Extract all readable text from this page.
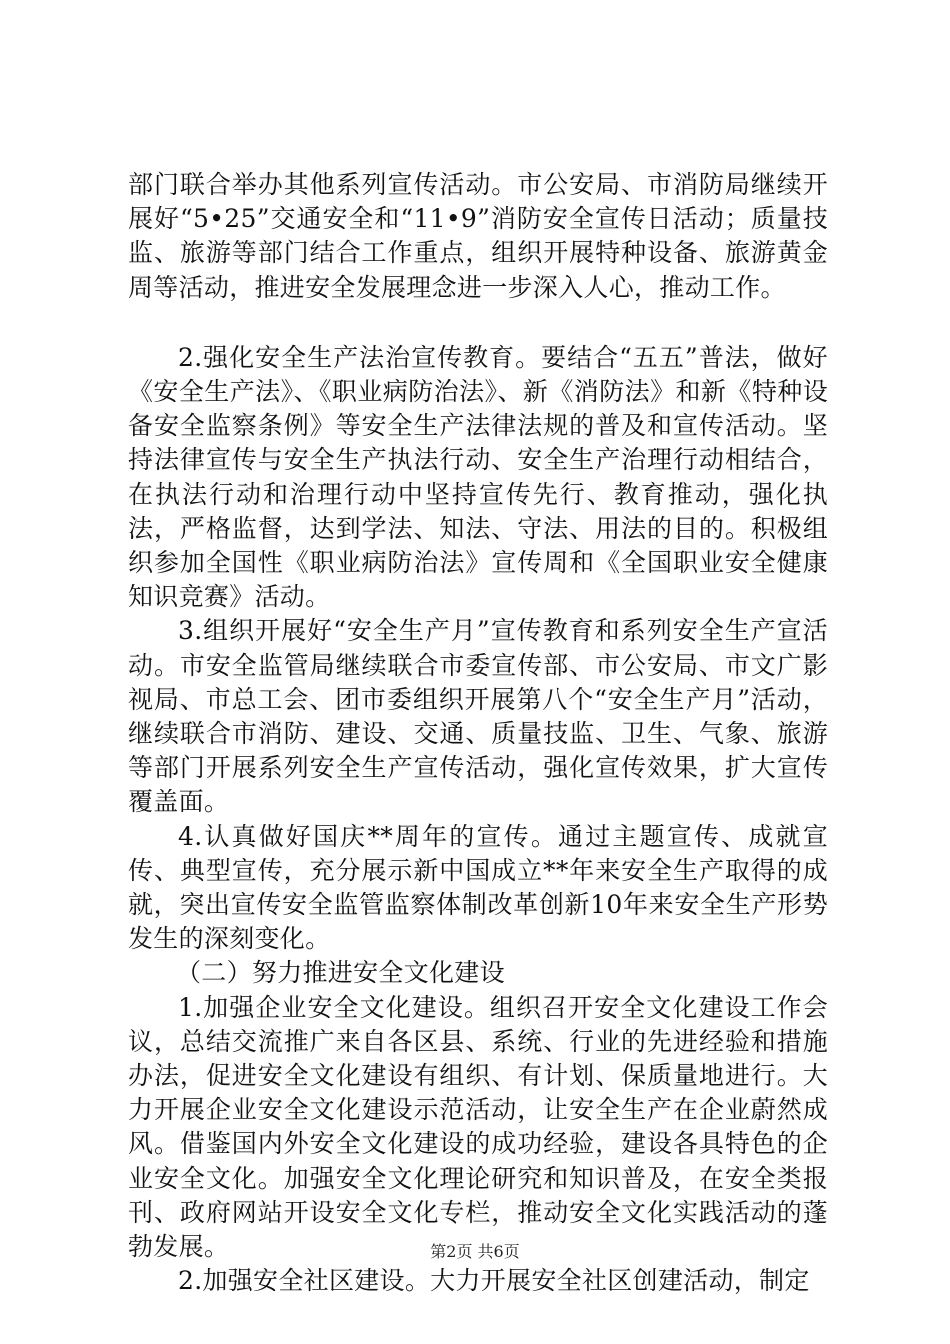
部门联合举办其他系列宣传活动。市公安局、市消防局继续开展好“5•25”交通安全和“11•9”消防安全宣传日活动；质量技监、旅游等部门结合工作重点，组织开展特种设备、旅游黄金周等活动，推进安全发展理念进一步深入人心，推动工作。

2.强化安全生产法治宣传教育。要结合“五五”普法，做好《安全生产法》、《职业病防治法》、新《消防法》和新《特种设备安全监察条例》等安全生产法律法规的普及和宣传活动。坚持法律宣传与安全生产执法行动、安全生产治理行动相结合，在执法行动和治理行动中坚持宣传先行、教育推动，强化执法，严格监督，达到学法、知法、守法、用法的目的。积极组织参加全国性《职业病防治法》宣传周和《全国职业安全健康知识竞赛》活动。

3.组织开展好“安全生产月”宣传教育和系列安全生产宣活动。市安全监管局继续联合市委宣传部、市公安局、市文广影视局、市总工会、团市委组织开展第八个“安全生产月”活动，继续联合市消防、建设、交通、质量技监、卫生、气象、旅游等部门开展系列安全生产宣传活动，强化宣传效果，扩大宣传覆盖面。

4.认真做好国庆**周年的宣传。通过主题宣传、成就宣传、典型宣传，充分展示新中国成立**年来安全生产取得的成就，突出宣传安全监管监察体制改革创新10年来安全生产形势发生的深刻变化。

（二）努力推进安全文化建设

1.加强企业安全文化建设。组织召开安全文化建设工作会议，总结交流推广来自各区县、系统、行业的先进经验和措施办法，促进安全文化建设有组织、有计划、保质量地进行。大力开展企业安全文化建设示范活动，让安全生产在企业蔚然成风。借鉴国内外安全文化建设的成功经验，建设各具特色的企业安全文化。加强安全文化理论研究和知识普及，在安全类报刊、政府网站开设安全文化专栏，推动安全文化实践活动的蓬勃发展。

2.加强安全社区建设。大力开展安全社区创建活动，制定

第2页 共6页
